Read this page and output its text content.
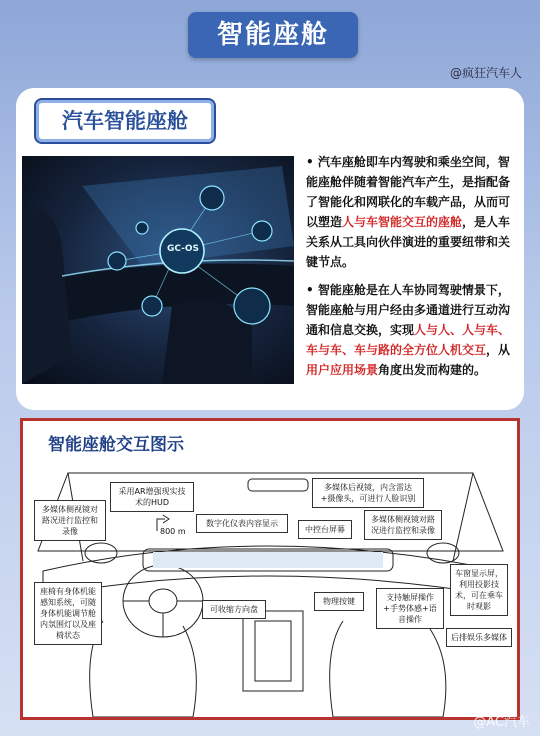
智能座舱
@疯狂汽车人
汽车智能座舱
GC-OS

• 汽车座舱即车内驾驶和乘坐空间，智能座舱伴随着智能汽车产生，是指配备了智能化和网联化的车载产品，从而可以塑造人与车智能交互的座舱，是人车关系从工具向伙伴演进的重要纽带和关键节点。

• 智能座舱是在人车协同驾驶情景下，智能座舱与用户经由多通道进行互动沟通和信息交换，实现人与人、人与车、车与车、车与路的全方位人机交互，从用户应用场景角度出发而构建的。

智能座舱交互图示
采用AR增强现实技术的HUD
多媒体后视镜，内含雷达+摄像头，可进行人脸识别
多媒体侧视镜对路况进行监控和录像
多媒体侧视镜对路况进行监控和录像
800 m
数字化仪表内容显示
中控台屏幕
座椅有身体机能感知系统，可随身体机能调节舱内氛围灯以及座椅状态
可收缩方向盘
物理按键	支持触屏操作+手势体感+语音操作
车窗显示屏，利用投影技术，可在乘车时观影
后排娱乐多媒体
@AC汽车
